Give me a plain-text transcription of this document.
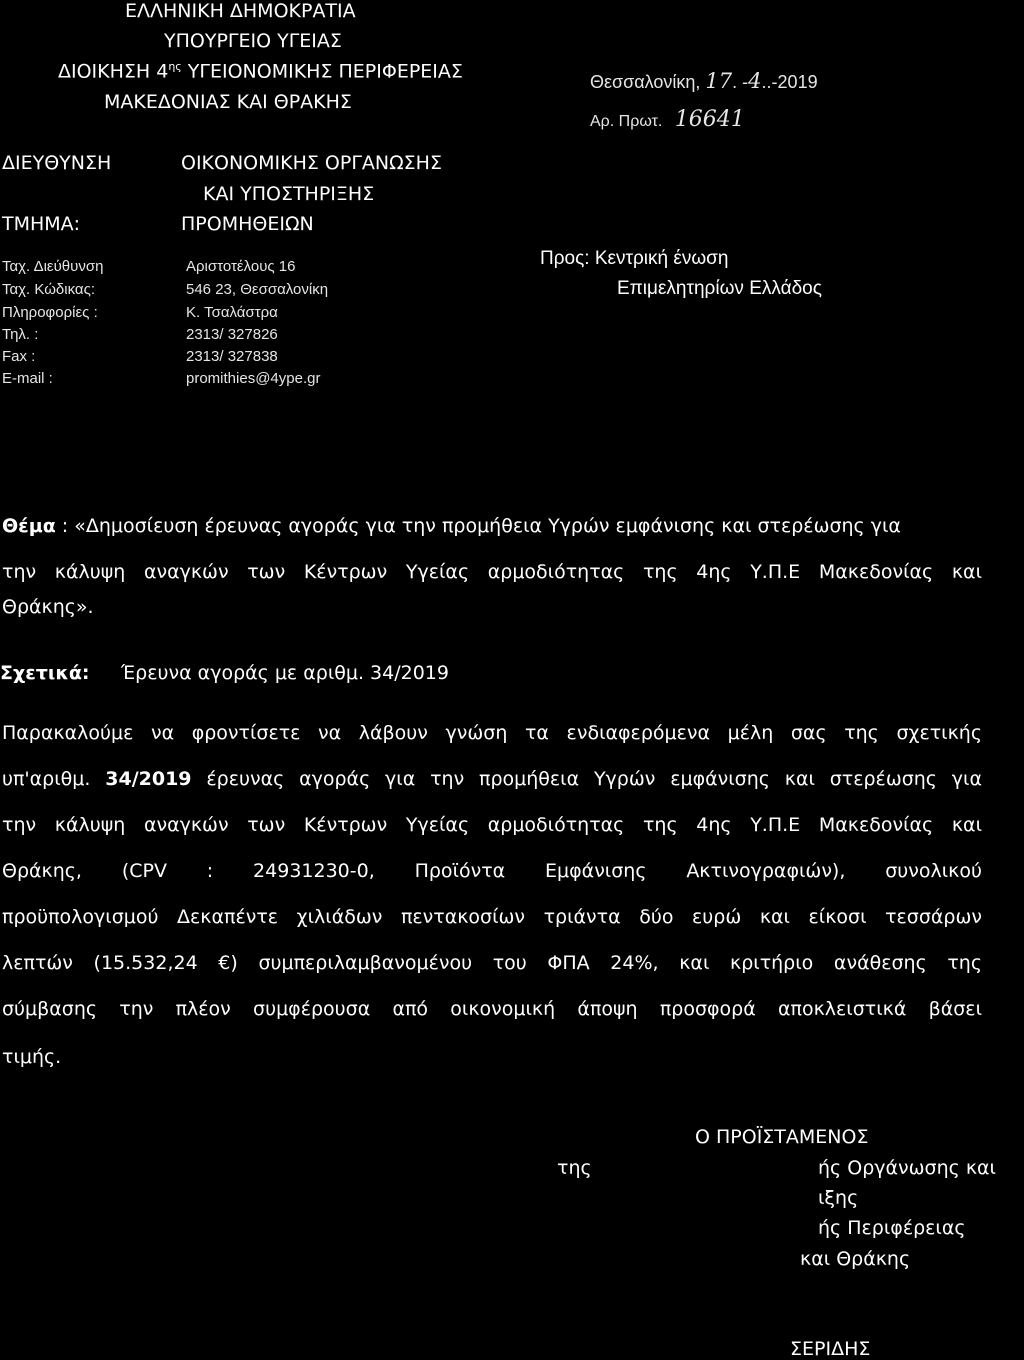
ΕΛΛΗΝΙΚΗ ΔΗΜΟΚΡΑΤΙΑ
ΥΠΟΥΡΓΕΙΟ ΥΓΕΙΑΣ
ΔΙΟΙΚΗΣΗ $4^{\eta\varsigma}$ ΥΓΕΙΟΝΟΜΙΚΗΣ ΠΕΡΙΦΕΡΕΙΑΣ
ΜΑΚΕΔΟΝΙΑΣ ΚΑΙ ΘΡΑΚΗΣ
ΔΙΕΥΘΥΝΣΗ	ΟΙΚΟΝΟΜΙΚΗΣ ΟΡΓΑΝΩΣΗΣ
ΚΑΙ ΥΠΟΣΤΗΡΙΞΗΣ
ΤΜΗΜΑ:	ΠΡΟΜΗΘΕΙΩΝ
Ταχ. Διεύθυνση	Αριστοτέλους 16
Ταχ. Κώδικας:	546 23, Θεσσαλονίκη
Πληροφορίες :	Κ. Τσαλάστρα
Τηλ. :	2313/ 327826
Fax :	2313/ 327838
E-mail :	promithies@4ype.gr
Θεσσαλονίκη, 17. -4..-2019
Αρ. Πρωτ. 16641
Προς: Κεντρική ένωση
Επιμελητηρίων Ελλάδος
Θέμα : «Δημοσίευση έρευνας αγοράς για την προμήθεια Υγρών εμφάνισης και στερέωσης για
την κάλυψη αναγκών των Κέντρων Υγείας αρμοδιότητας της 4ης Υ.Π.Ε Μακεδονίας και
Θράκης».
Σχετικά: Έρευνα αγοράς με αριθμ. 34/2019
Παρακαλούμε να φροντίσετε να λάβουν γνώση τα ενδιαφερόμενα μέλη σας της σχετικής
υπ'αριθμ. 34/2019 έρευνας αγοράς για την προμήθεια Υγρών εμφάνισης και στερέωσης για
την κάλυψη αναγκών των Κέντρων Υγείας αρμοδιότητας της 4ης Υ.Π.Ε Μακεδονίας και
Θράκης, (CPV : 24931230-0, Προϊόντα Εμφάνισης Ακτινογραφιών), συνολικού
προϋπολογισμού Δεκαπέντε χιλιάδων πεντακοσίων τριάντα δύο ευρώ και είκοσι τεσσάρων
λεπτών (15.532,24 €) συμπεριλαμβανομένου του ΦΠΑ 24%, και κριτήριο ανάθεσης της
σύμβασης την πλέον συμφέρουσα από οικονομική άποψη προσφορά αποκλειστικά βάσει
τιμής.
Ο ΠΡΟΪΣΤΑΜΕΝΟΣ
της	ής Οργάνωσης και
ιξης
ής Περιφέρειας
και Θράκης
ΣΕΡΙΔΗΣ
